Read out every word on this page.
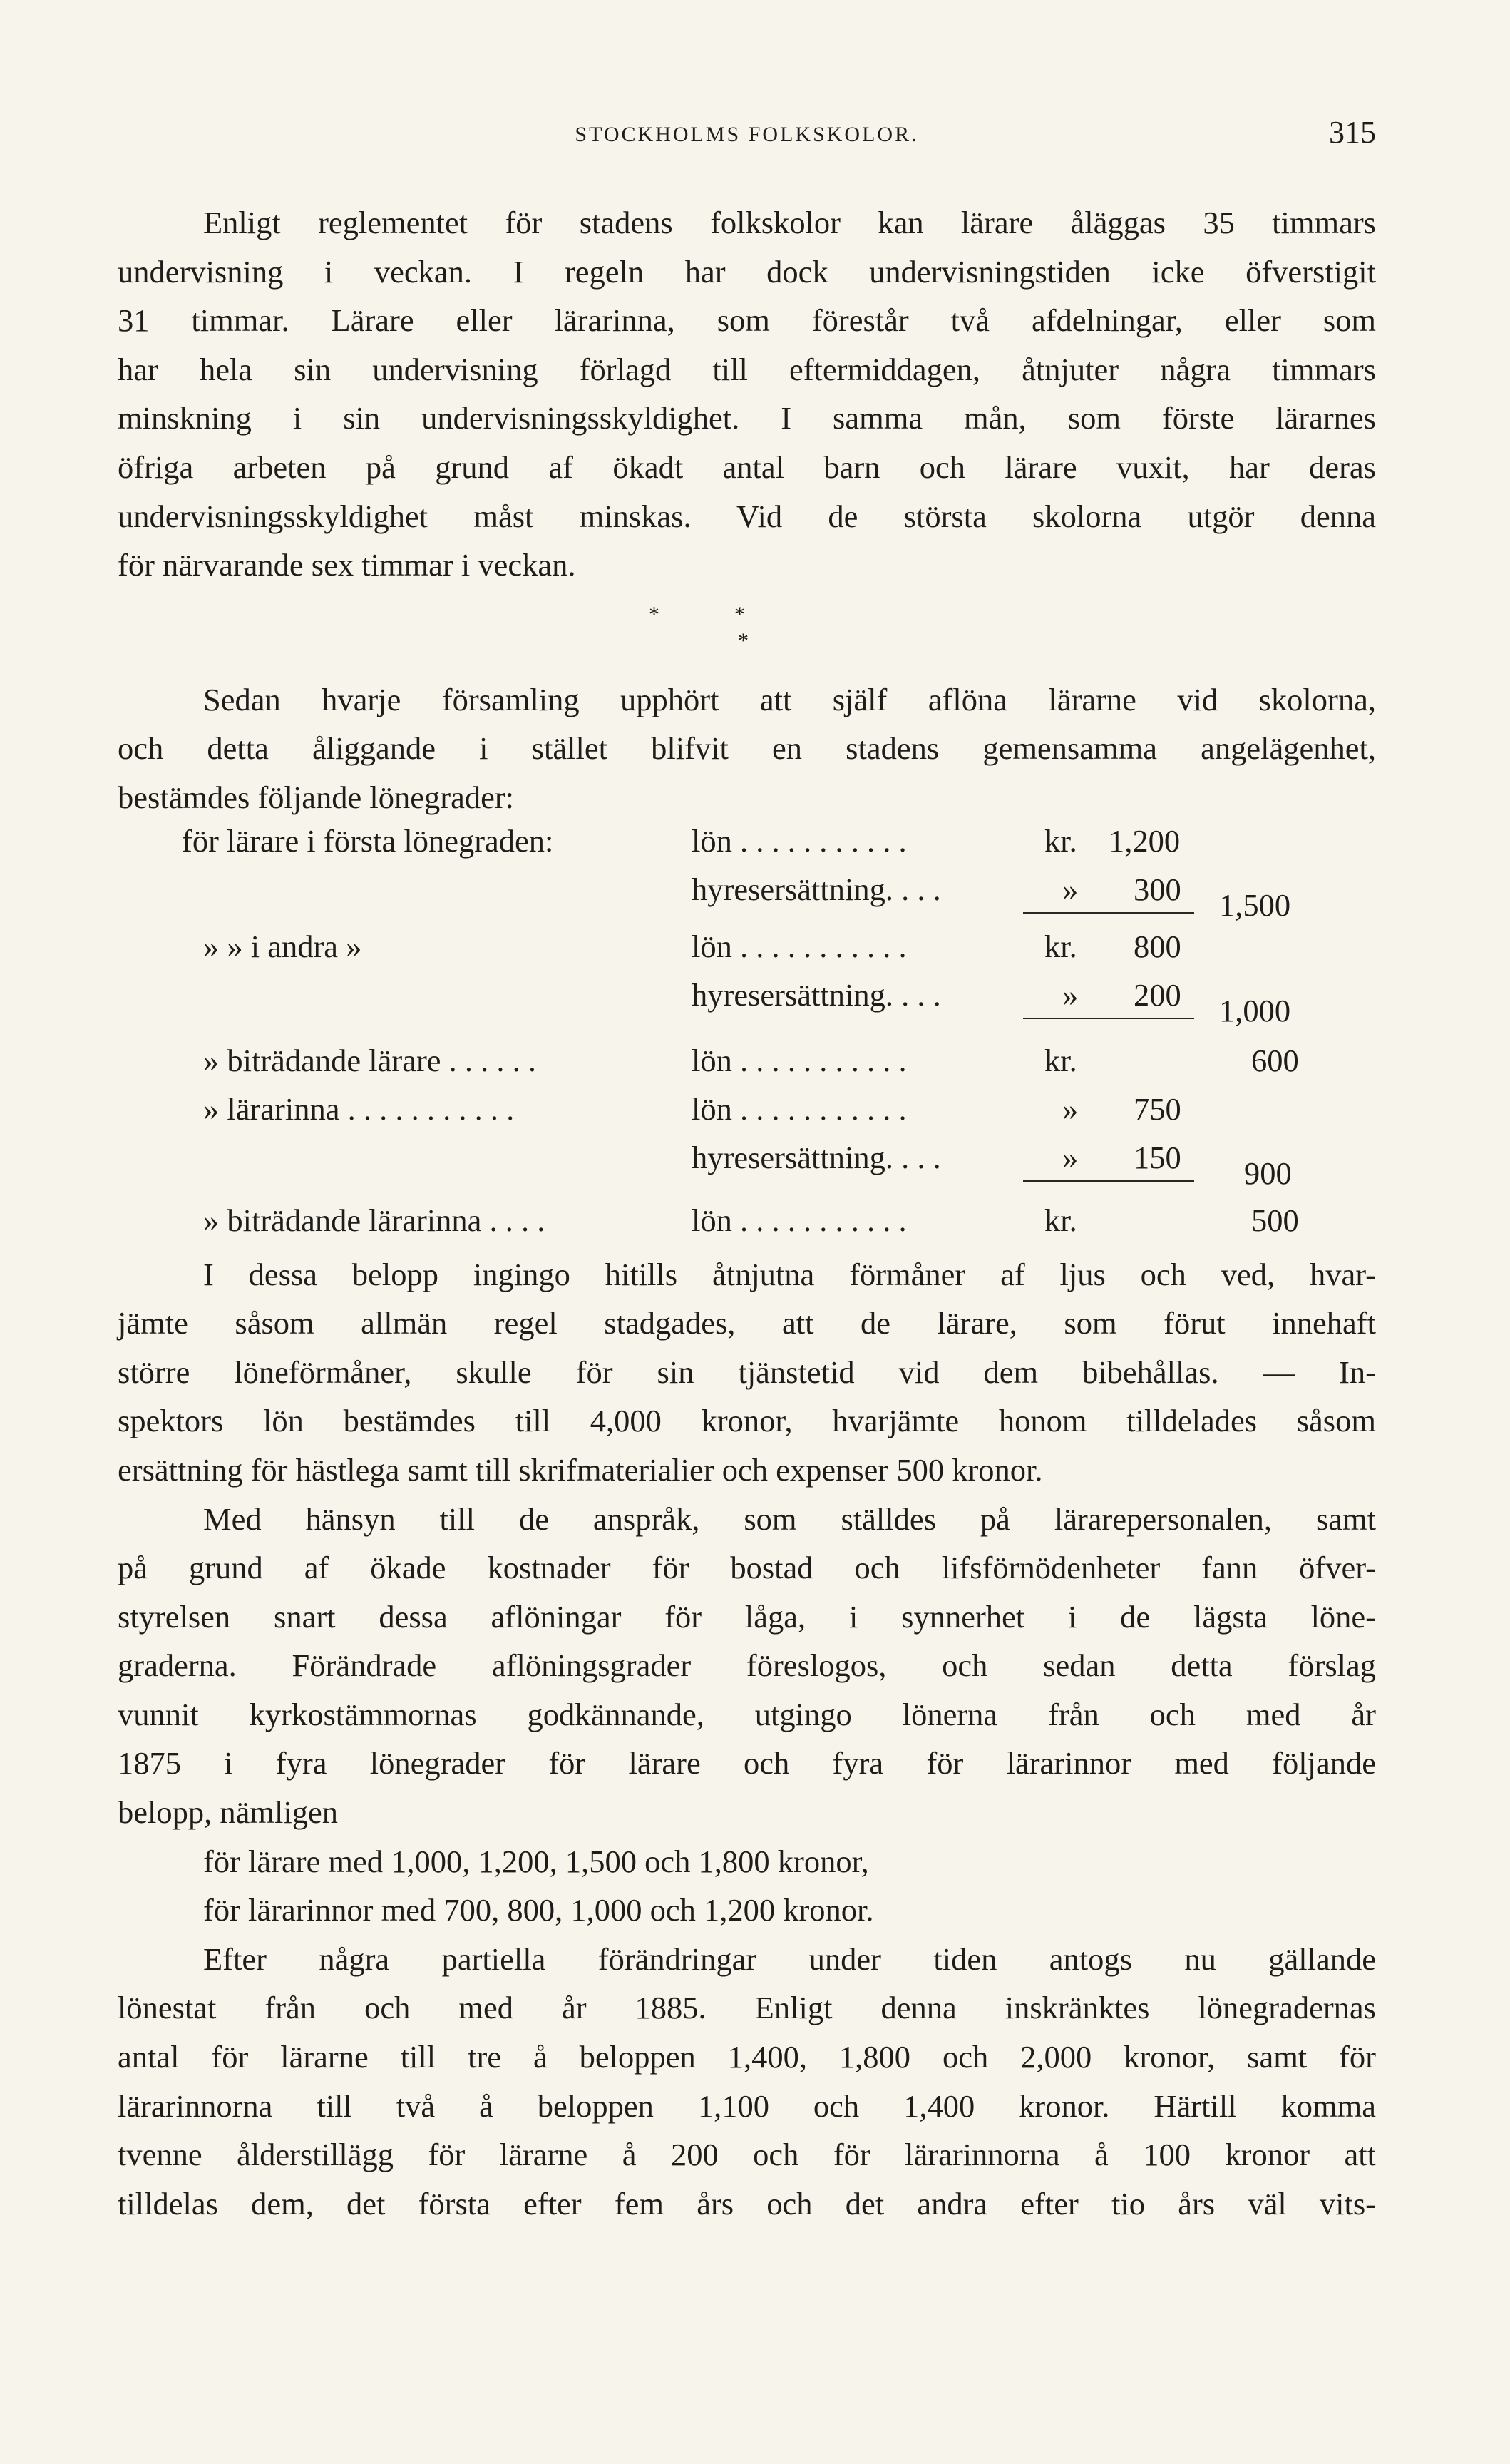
STOCKHOLMS FOLKSKOLOR.	315

Enligt reglementet för stadens folkskolor kan lärare åläggas 35 timmars
undervisning i veckan. I regeln har dock undervisningstiden icke öfverstigit
31 timmar. Lärare eller lärarinna, som förestår två afdelningar, eller som
har hela sin undervisning förlagd till eftermiddagen, åtnjuter några timmars
minskning i sin undervisningsskyldighet. I samma mån, som förste lärarnes
öfriga arbeten på grund af ökadt antal barn och lärare vuxit, har deras
undervisningsskyldighet måst minskas. Vid de största skolorna utgör denna
för närvarande sex timmar i veckan.

*	*
*

Sedan hvarje församling upphört att själf aflöna lärarne vid skolorna,
och detta åliggande i stället blifvit en stadens gemensamma angelägenhet,
bestämdes följande lönegrader:

för lärare i första lönegraden:	lön . . . . . . . . . . .	kr. 1,200
hyresersättning. . . .	» 300 1,500
» » i andra »	lön . . . . . . . . . . .	kr. 800
hyresersättning. . . .	» 200 1,000
» biträdande lärare . . . . . .	lön . . . . . . . . . . .	kr.	600
» lärarinna . . . . . . . . . . .	lön . . . . . . . . . . .	» 750
hyresersättning. . . .	» 150 900
» biträdande lärarinna . . . .	lön . . . . . . . . . . .	kr.	500

I dessa belopp ingingo hitills åtnjutna förmåner af ljus och ved, hvar-
jämte såsom allmän regel stadgades, att de lärare, som förut innehaft
större löneförmåner, skulle för sin tjänstetid vid dem bibehållas. — In-
spektors lön bestämdes till 4,000 kronor, hvarjämte honom tilldelades såsom
ersättning för hästlega samt till skrifmaterialier och expenser 500 kronor.

Med hänsyn till de anspråk, som ställdes på lärarepersonalen, samt
på grund af ökade kostnader för bostad och lifsförnödenheter fann öfver-
styrelsen snart dessa aflöningar för låga, i synnerhet i de lägsta löne-
graderna. Förändrade aflöningsgrader föreslogos, och sedan detta förslag
vunnit kyrkostämmornas godkännande, utgingo lönerna från och med år
1875 i fyra lönegrader för lärare och fyra för lärarinnor med följande
belopp, nämligen

för lärare med 1,000, 1,200, 1,500 och 1,800 kronor,
för lärarinnor med 700, 800, 1,000 och 1,200 kronor.

Efter några partiella förändringar under tiden antogs nu gällande
lönestat från och med år 1885. Enligt denna inskränktes lönegradernas
antal för lärarne till tre å beloppen 1,400, 1,800 och 2,000 kronor, samt för
lärarinnorna till två å beloppen 1,100 och 1,400 kronor. Härtill komma
tvenne ålderstillägg för lärarne å 200 och för lärarinnorna å 100 kronor att
tilldelas dem, det första efter fem års och det andra efter tio års väl vits-
